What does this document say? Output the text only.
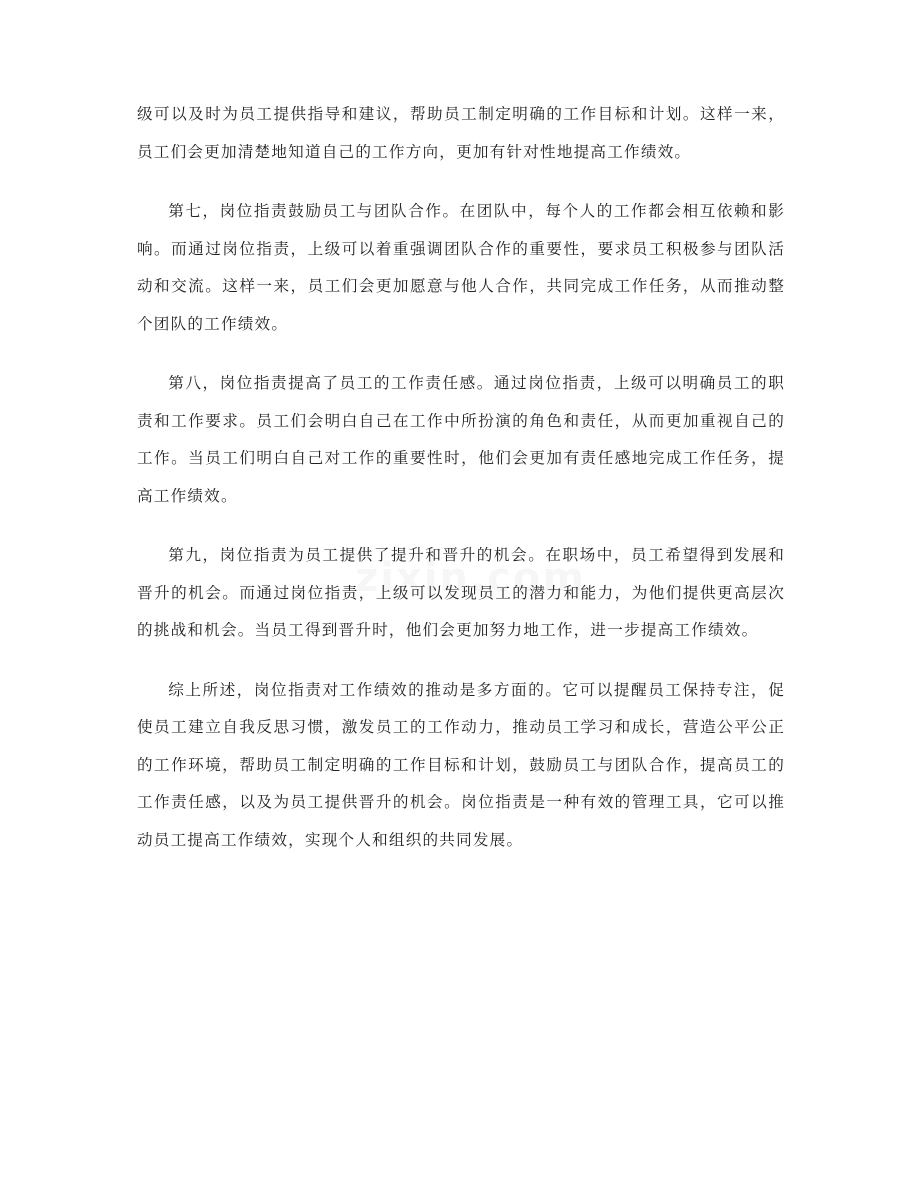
级可以及时为员工提供指导和建议，帮助员工制定明确的工作目标和计划。这样一来，员工们会更加清楚地知道自己的工作方向，更加有针对性地提高工作绩效。

第七，岗位指责鼓励员工与团队合作。在团队中，每个人的工作都会相互依赖和影响。而通过岗位指责，上级可以着重强调团队合作的重要性，要求员工积极参与团队活动和交流。这样一来，员工们会更加愿意与他人合作，共同完成工作任务，从而推动整个团队的工作绩效。

第八，岗位指责提高了员工的工作责任感。通过岗位指责，上级可以明确员工的职责和工作要求。员工们会明白自己在工作中所扮演的角色和责任，从而更加重视自己的工作。当员工们明白自己对工作的重要性时，他们会更加有责任感地完成工作任务，提高工作绩效。

第九，岗位指责为员工提供了提升和晋升的机会。在职场中，员工希望得到发展和晋升的机会。而通过岗位指责，上级可以发现员工的潜力和能力，为他们提供更高层次的挑战和机会。当员工得到晋升时，他们会更加努力地工作，进一步提高工作绩效。

综上所述，岗位指责对工作绩效的推动是多方面的。它可以提醒员工保持专注，促使员工建立自我反思习惯，激发员工的工作动力，推动员工学习和成长，营造公平公正的工作环境，帮助员工制定明确的工作目标和计划，鼓励员工与团队合作，提高员工的工作责任感，以及为员工提供晋升的机会。岗位指责是一种有效的管理工具，它可以推动员工提高工作绩效，实现个人和组织的共同发展。
